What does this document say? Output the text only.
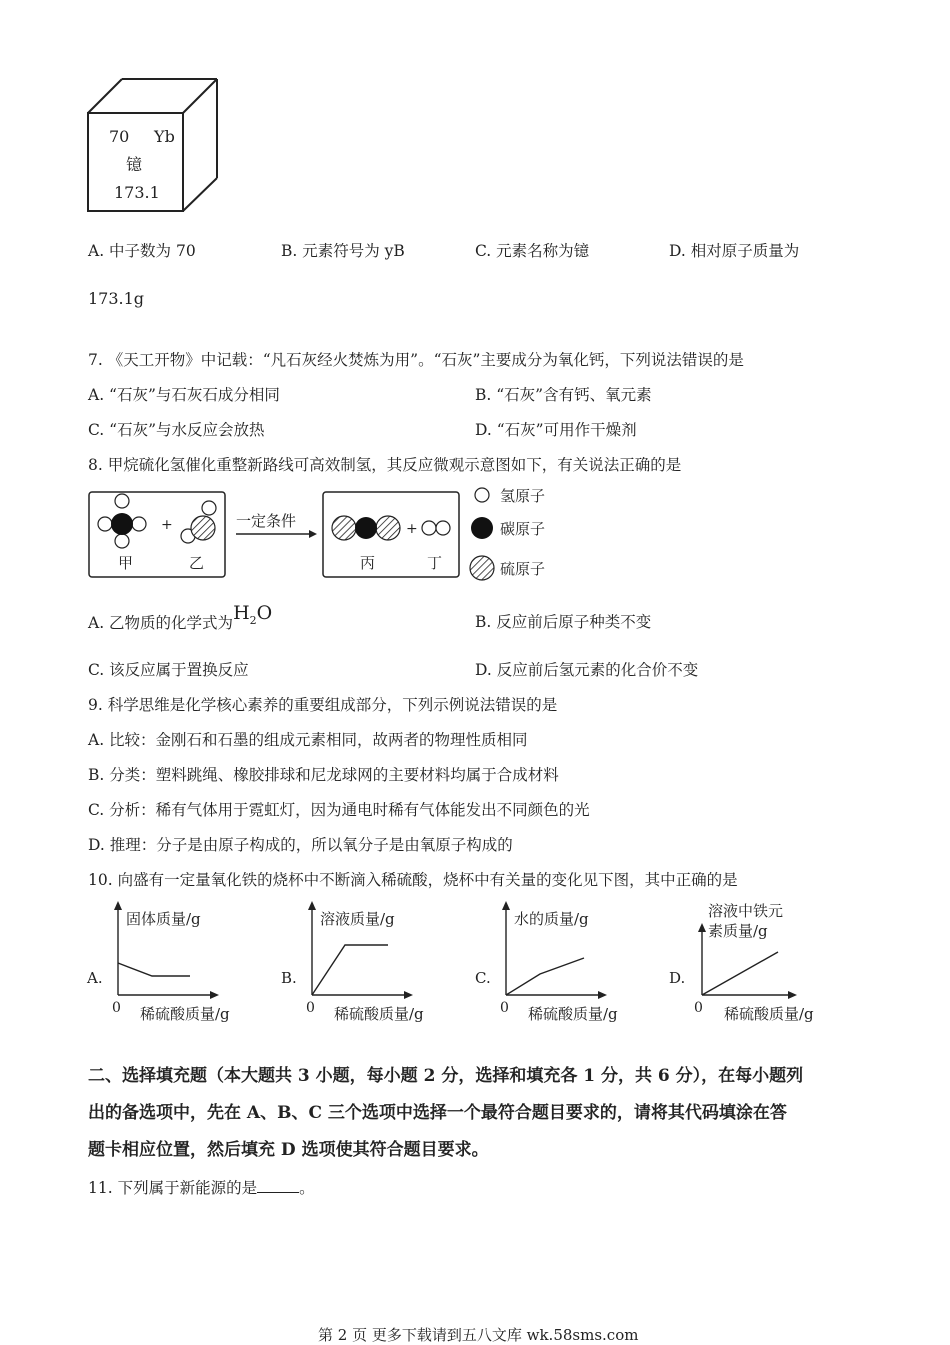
70 Yb
镱
173.1
A. 中子数为 70	B. 元素符号为 yB	C. 元素名称为镱	D. 相对原子质量为
173.1g
7. 《天工开物》中记载：“凡石灰经火焚炼为用”。“石灰”主要成分为氧化钙，下列说法错误的是
A. “石灰”与石灰石成分相同	B. “石灰”含有钙、氧元素
C. “石灰”与水反应会放热	D. “石灰”可用作干燥剂
8. 甲烷硫化氢催化重整新路线可高效制氢，其反应微观示意图如下，有关说法正确的是
+
甲	乙
一定条件	+
丙	丁
氢原子
碳原子
硫原子
A. 乙物质的化学式为$H_2O$	B. 反应前后原子种类不变
C. 该反应属于置换反应	D. 反应前后氢元素的化合价不变
9. 科学思维是化学核心素养的重要组成部分，下列示例说法错误的是
A. 比较：金刚石和石墨的组成元素相同，故两者的物理性质相同
B. 分类：塑料跳绳、橡胶排球和尼龙球网的主要材料均属于合成材料
C. 分析：稀有气体用于霓虹灯，因为通电时稀有气体能发出不同颜色的光
D. 推理：分子是由原子构成的，所以氧分子是由氧原子构成的
10. 向盛有一定量氧化铁的烧杯中不断滴入稀硫酸，烧杯中有关量的变化见下图，其中正确的是
A.
固体质量/g
0 稀硫酸质量/g
B.
溶液质量/g
0 稀硫酸质量/g
C.
水的质量/g
0 稀硫酸质量/g
D.
溶液中铁元
素质量/g
0 稀硫酸质量/g
二、选择填充题（本大题共 3 小题，每小题 2 分，选择和填充各 1 分，共 6 分），在每小题列
出的备选项中，先在 A、B、C 三个选项中选择一个最符合题目要求的，请将其代码填涂在答
题卡相应位置，然后填充 D 选项使其符合题目要求。
11. 下列属于新能源的是	。
第 2 页 更多下载请到五八文库 wk.58sms.com
